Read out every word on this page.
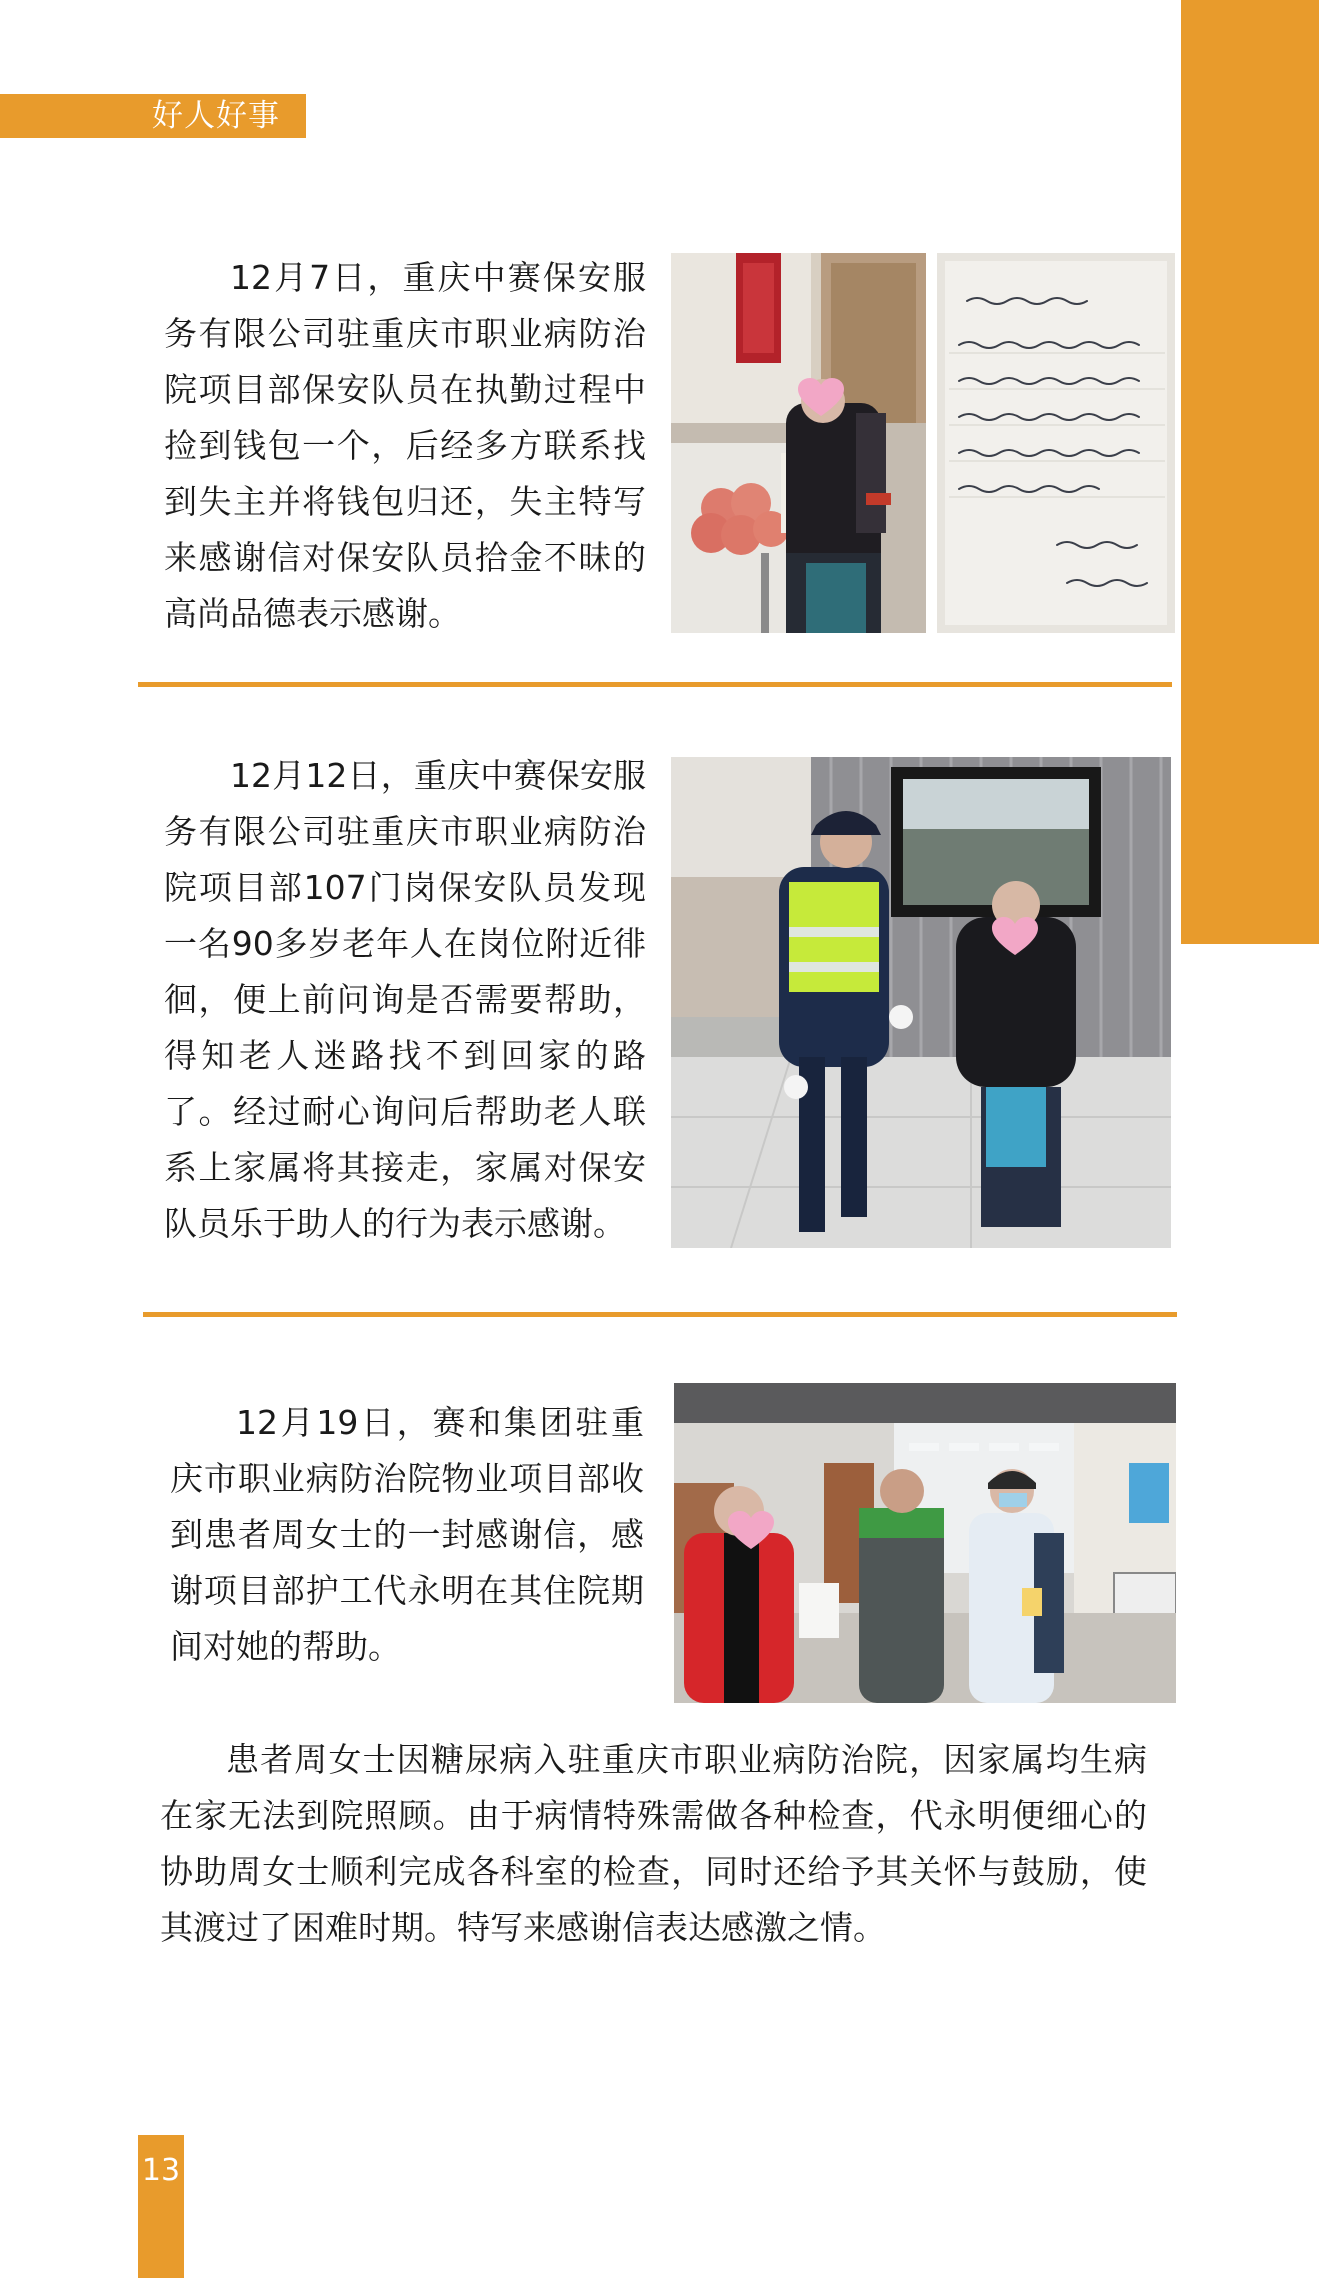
好人好事

12月7日，重庆中赛保安服务有限公司驻重庆市职业病防治院项目部保安队员在执勤过程中捡到钱包一个，后经多方联系找到失主并将钱包归还，失主特写来感谢信对保安队员拾金不昧的高尚品德表示感谢。

12月12日，重庆中赛保安服务有限公司驻重庆市职业病防治院项目部107门岗保安队员发现一名90多岁老年人在岗位附近徘徊，便上前问询是否需要帮助，得知老人迷路找不到回家的路了。经过耐心询问后帮助老人联系上家属将其接走，家属对保安队员乐于助人的行为表示感谢。

12月19日，赛和集团驻重庆市职业病防治院物业项目部收到患者周女士的一封感谢信，感谢项目部护工代永明在其住院期间对她的帮助。

患者周女士因糖尿病入驻重庆市职业病防治院，因家属均生病在家无法到院照顾。由于病情特殊需做各种检查，代永明便细心的协助周女士顺利完成各科室的检查，同时还给予其关怀与鼓励，使其渡过了困难时期。特写来感谢信表达感激之情。

13
